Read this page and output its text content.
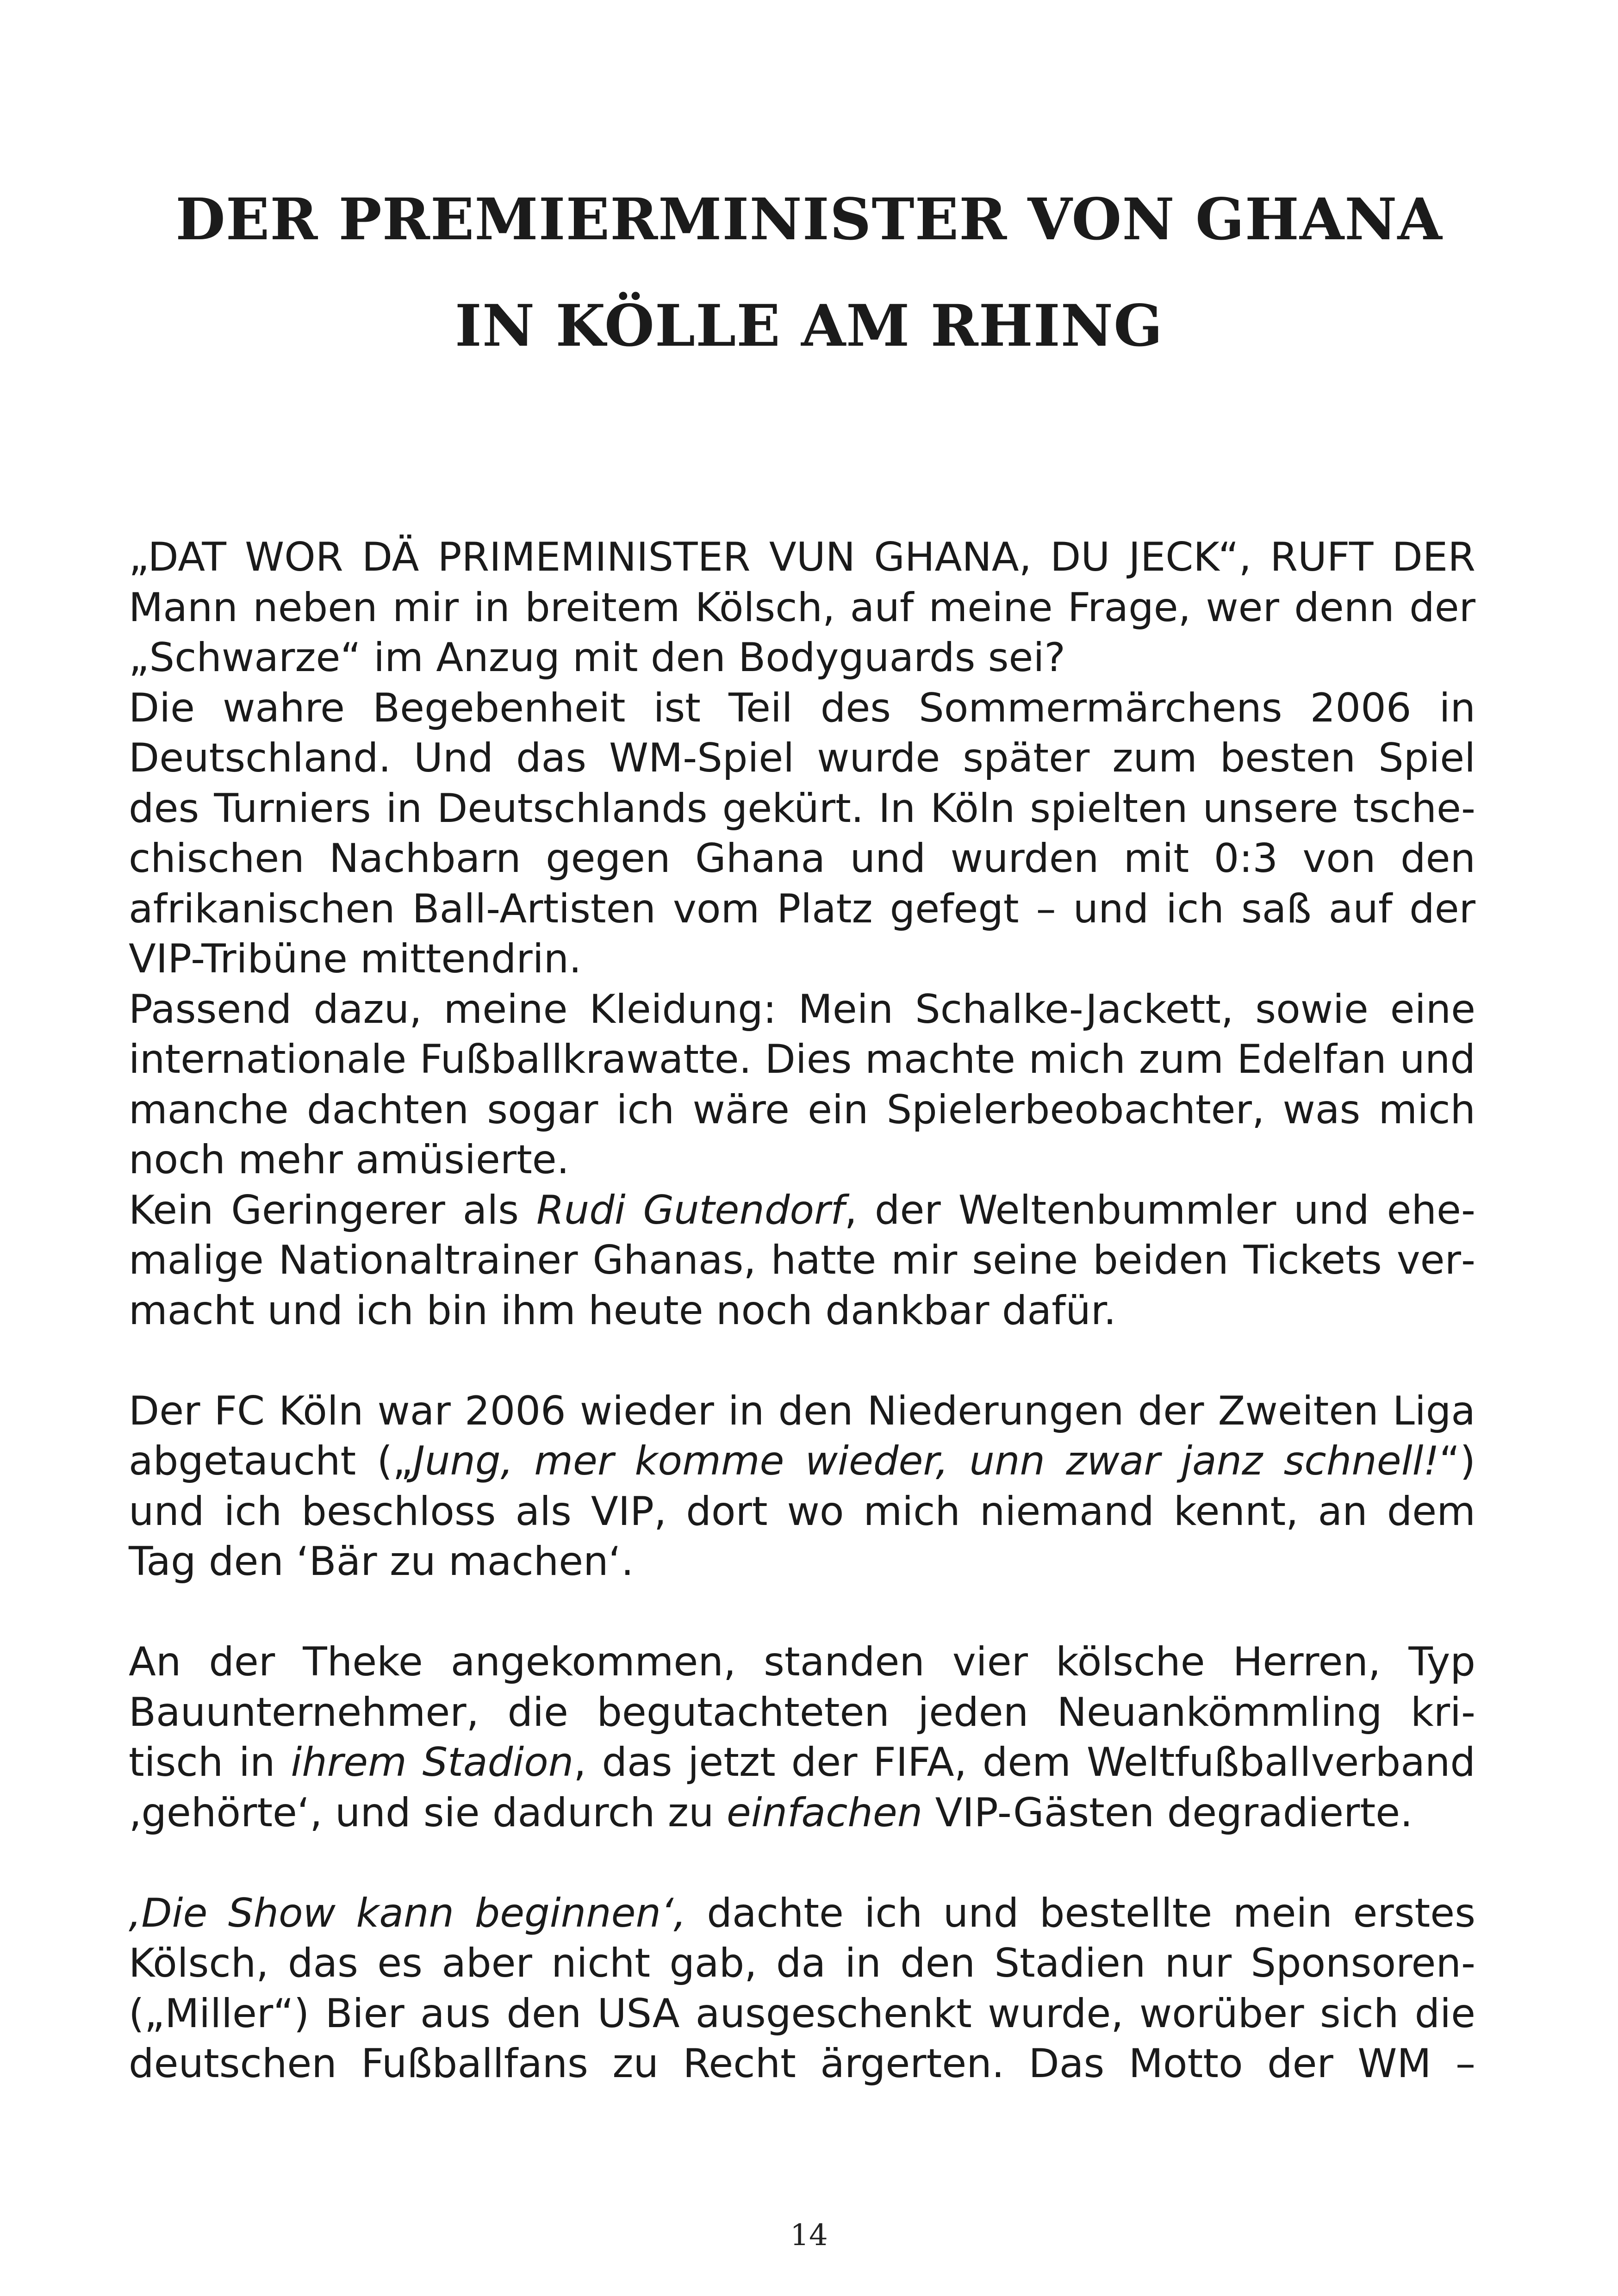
DER PREMIERMINISTER VON GHANA
IN KÖLLE AM RHING

„DAT WOR DÄ PRIMEMINISTER VUN GHANA, DU JECK“, RUFT DER Mann neben mir in breitem Kölsch, auf meine Frage, wer denn der „Schwarze“ im Anzug mit den Bodyguards sei?

Die wahre Begebenheit ist Teil des Sommermärchens 2006 in Deutschland. Und das WM-Spiel wurde später zum besten Spiel des Turniers in Deutschlands gekürt. In Köln spielten unsere tschechischen Nachbarn gegen Ghana und wurden mit 0:3 von den afrikanischen Ball-Artisten vom Platz gefegt – und ich saß auf der VIP-Tribüne mittendrin.

Passend dazu, meine Kleidung: Mein Schalke-Jackett, sowie eine internationale Fußballkrawatte. Dies machte mich zum Edelfan und manche dachten sogar ich wäre ein Spielerbeobachter, was mich noch mehr amüsierte.

Kein Geringerer als Rudi Gutendorf, der Weltenbummler und ehemalige Nationaltrainer Ghanas, hatte mir seine beiden Tickets vermacht und ich bin ihm heute noch dankbar dafür.

Der FC Köln war 2006 wieder in den Niederungen der Zweiten Liga abgetaucht („Jung, mer komme wieder, unn zwar janz schnell!“) und ich beschloss als VIP, dort wo mich niemand kennt, an dem Tag den ‘Bär zu machen‘.

An der Theke angekommen, standen vier kölsche Herren, Typ Bauunternehmer, die begutachteten jeden Neuankömmling kritisch in ihrem Stadion, das jetzt der FIFA, dem Weltfußballverband ‚gehörte‘, und sie dadurch zu einfachen VIP-Gästen degradierte.

‚Die Show kann beginnen‘, dachte ich und bestellte mein erstes Kölsch, das es aber nicht gab, da in den Stadien nur Sponsoren-(„Miller“) Bier aus den USA ausgeschenkt wurde, worüber sich die deutschen Fußballfans zu Recht ärgerten. Das Motto der WM –

14
